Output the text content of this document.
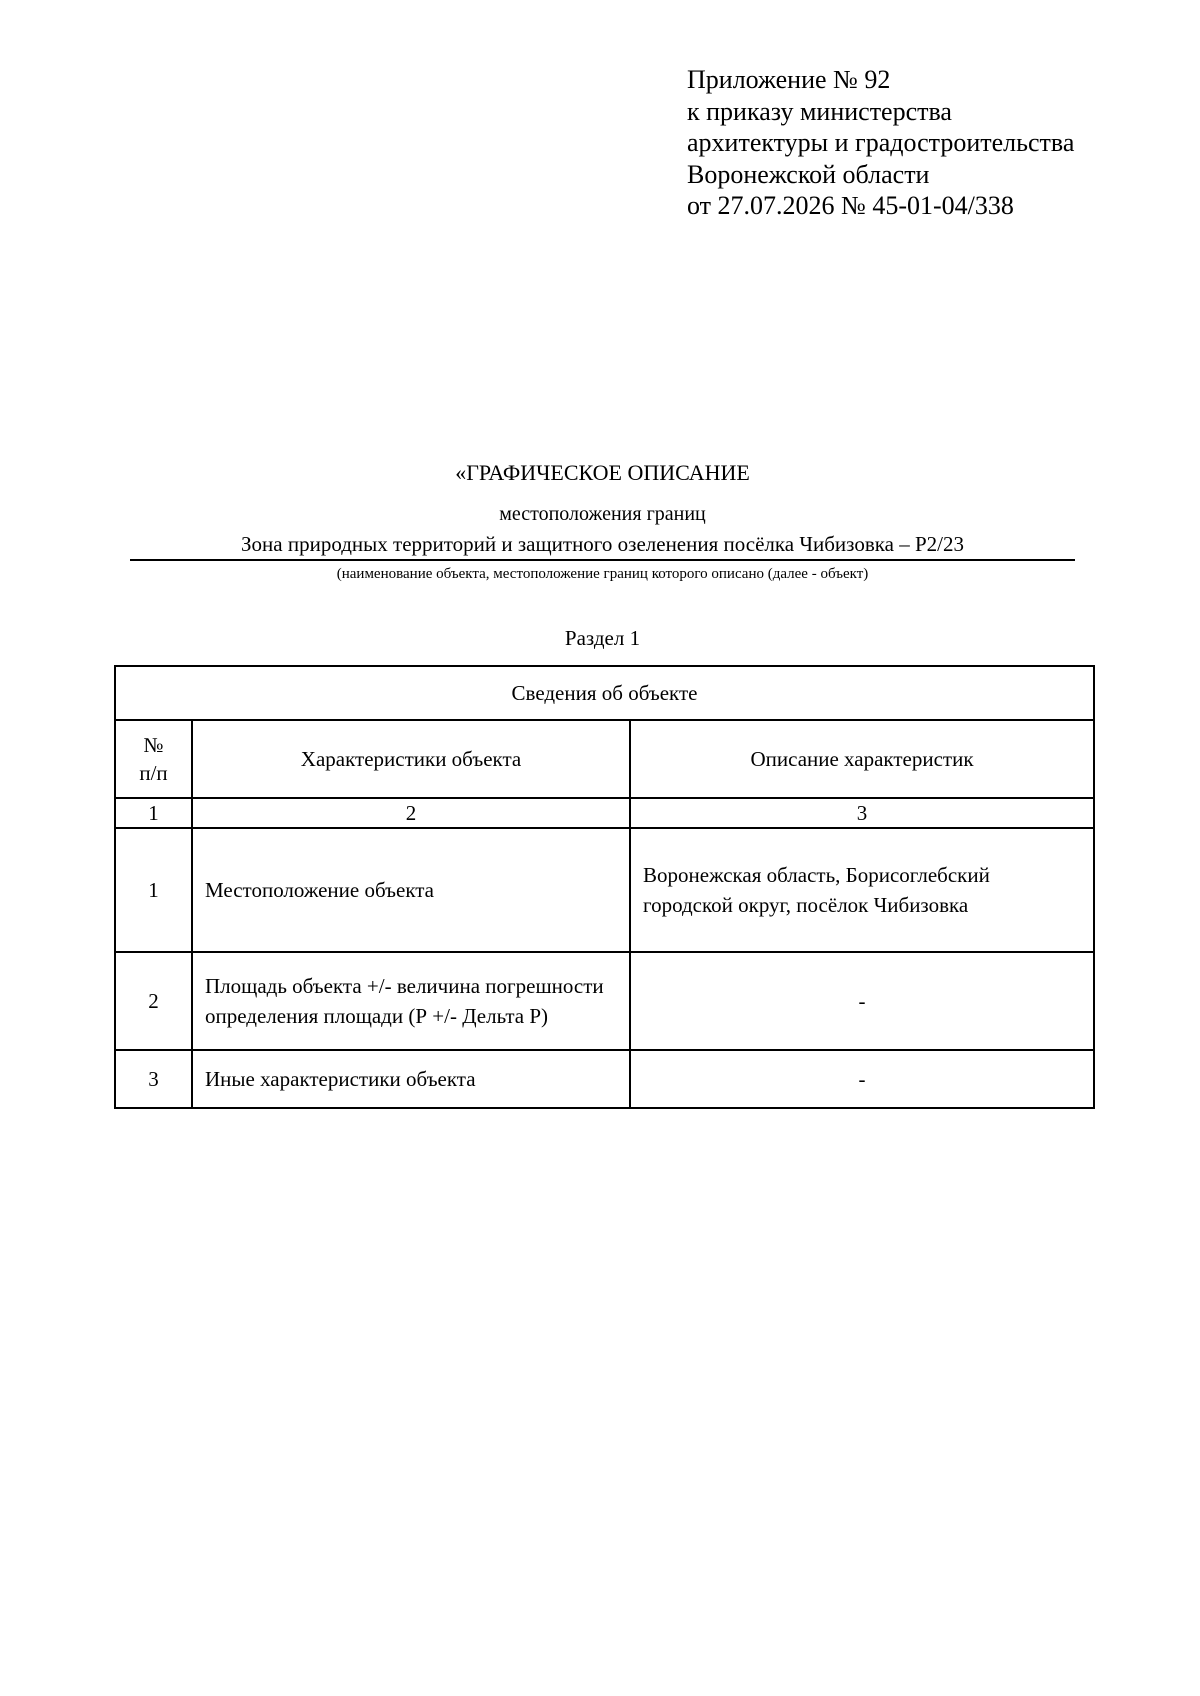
Приложение № 92
к приказу министерства
архитектуры и градостроительства
Воронежской области
от 27.07.2026 № 45-01-04/338
«ГРАФИЧЕСКОЕ ОПИСАНИЕ
местоположения границ
Зона природных территорий и защитного озеленения посёлка Чибизовка – Р2/23
(наименование объекта, местоположение границ которого описано (далее - объект)
Раздел 1
Сведения об объекте		

№
п/п	Характеристики объекта	Описание характеристик
1	2	3
1	Местоположение объекта	Воронежская область, Борисоглебский городской округ, посёлок Чибизовка
2	Площадь объекта +/- величина погрешности определения площади (Р +/- Дельта Р)	-
3	Иные характеристики объекта	-
